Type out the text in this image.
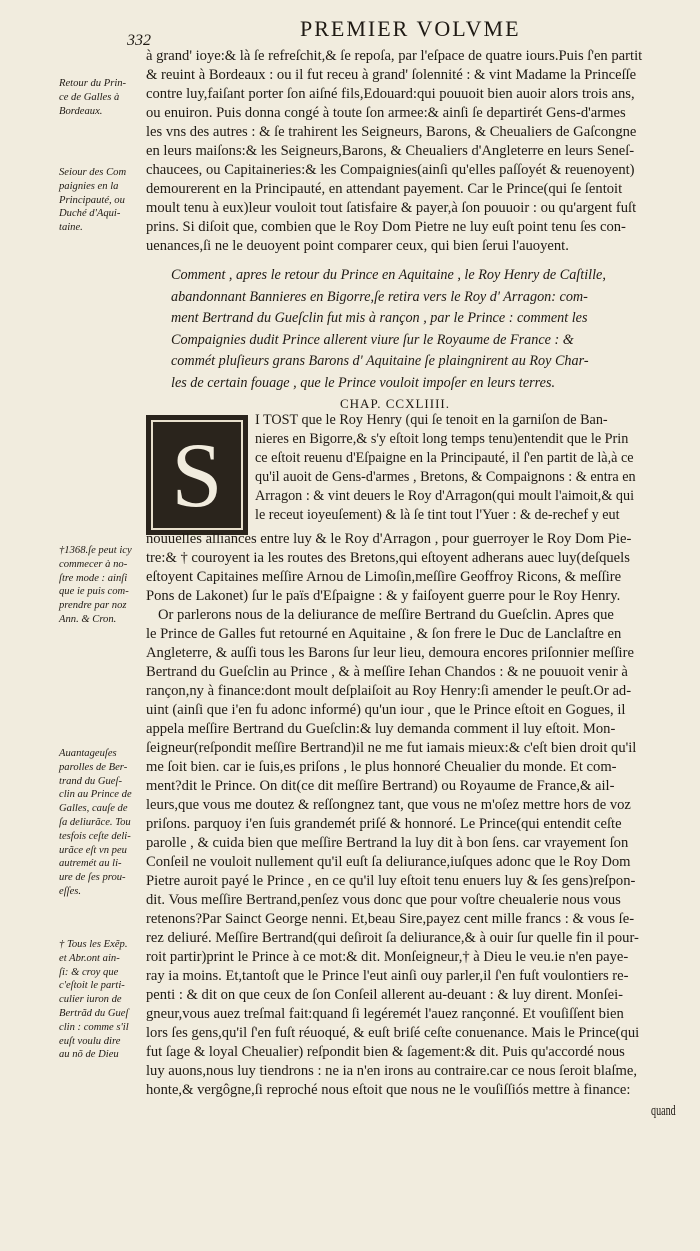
332	PREMIER VOLVME
à grand' ioye:& là ſe refreſchit,& ſe repoſa, par l'eſpace de quatre iours.Puis ſ'en partit
& reuint à Bordeaux : ou il fut receu à grand' ſolennité : & vint Madame la Princeſſe
contre luy,faiſant porter ſon aiſné fils,Edouard:qui pouuoit bien auoir alors trois ans,
ou enuiron. Puis donna congé à toute ſon armee:& ainſi ſe departirét Gens-d'armes
les vns des autres : & ſe trahirent les Seigneurs, Barons, & Cheualiers de Gaſcongne
en leurs maiſons:& les Seigneurs,Barons, & Cheualiers d'Angleterre en leurs Seneſ-
chaucees, ou Capitaineries:& les Compaignies(ainſi qu'elles paſſoyét & reuenoyent)
demourerent en la Principauté, en attendant payement. Car le Prince(qui ſe ſentoit
moult tenu à eux)leur vouloit tout ſatisfaire & payer,à ſon pouuoir : ou qu'argent fuſt
prins. Si diſoit que, combien que le Roy Dom Pietre ne luy euſt point tenu ſes con-
uenances,ſi ne le deuoyent point comparer ceux, qui bien ſerui l'auoyent.
Comment , apres le retour du Prince en Aquitaine , le Roy Henry de Caſtille,
abandonnant Bannieres en Bigorre,ſe retira vers le Roy d' Arragon: com-
ment Bertrand du Gueſclin fut mis à rançon , par le Prince : comment les
Compaignies dudit Prince allerent viure ſur le Royaume de France : &
commét pluſieurs grans Barons d' Aquitaine ſe plaingnirent au Roy Char-
les de certain fouage , que le Prince vouloit impoſer en leurs terres.
CHAP. CCXLIIII.
S
I TOST que le Roy Henry (qui ſe tenoit en la garniſon de Ban-
nieres en Bigorre,& s'y eſtoit long temps tenu)entendit que le Prin
ce eſtoit reuenu d'Eſpaigne en la Principauté, il ſ'en partit de là,à ce
qu'il auoit de Gens-d'armes , Bretons, & Compaignons : & entra en
Arragon : & vint deuers le Roy d'Arragon(qui moult l'aimoit,& qui
le receut ioyeuſement) & là ſe tint tout l'Yuer : & de-rechef y eut
nouuelles alliances entre luy & le Roy d'Arragon , pour guerroyer le Roy Dom Pie-
tre:& † couroyent ia les routes des Bretons,qui eſtoyent adherans auec luy(deſquels
eſtoyent Capitaines meſſire Arnou de Limoſin,meſſire Geoffroy Ricons, & meſſire
Pons de Lakonet) ſur le païs d'Eſpaigne : & y faiſoyent guerre pour le Roy Henry.
Or parlerons nous de la deliurance de meſſire Bertrand du Gueſclin. Apres que
le Prince de Galles fut retourné en Aquitaine , & ſon frere le Duc de Lanclaſtre en
Angleterre, & auſſi tous les Barons ſur leur lieu, demoura encores priſonnier meſſire
Bertrand du Gueſclin au Prince , & à meſſire Iehan Chandos : & ne pouuoit venir à
rançon,ny à finance:dont moult deſplaiſoit au Roy Henry:ſi amender le peuſt.Or ad-
uint (ainſi que i'en fu adonc informé) qu'un iour , que le Prince eſtoit en Gogues, il
appela meſſire Bertrand du Gueſclin:& luy demanda comment il luy eſtoit. Mon-
ſeigneur(reſpondit meſſire Bertrand)il ne me fut iamais mieux:& c'eſt bien droit qu'il
me ſoit bien. car ie ſuis,es priſons , le plus honnoré Cheualier du monde. Et com-
ment?dit le Prince. On dit(ce dit meſſire Bertrand) ou Royaume de France,& ail-
leurs,que vous me doutez & reſſongnez tant, que vous ne m'oſez mettre hors de voz
priſons. parquoy i'en ſuis grandemét priſé & honnoré. Le Prince(qui entendit ceſte
parolle , & cuida bien que meſſire Bertrand la luy dit à bon ſens. car vrayement ſon
Conſeil ne vouloit nullement qu'il euſt ſa deliurance,iuſques adonc que le Roy Dom
Pietre auroit payé le Prince , en ce qu'il luy eſtoit tenu enuers luy & ſes gens)reſpon-
dit. Vous meſſire Bertrand,penſez vous donc que pour voſtre cheualerie nous vous
retenons?Par Sainct George nenni. Et,beau Sire,payez cent mille francs : & vous ſe-
rez deliuré. Meſſire Bertrand(qui deſiroit ſa deliurance,& à ouir ſur quelle fin il pour-
roit partir)print le Prince à ce mot:& dit. Monſeigneur,† à Dieu le veu.ie n'en paye-
ray ia moins. Et,tantoſt que le Prince l'eut ainſi ouy parler,il ſ'en fuſt voulontiers re-
penti : & dit on que ceux de ſon Conſeil allerent au-deuant : & luy dirent. Monſei-
gneur,vous auez treſmal fait:quand ſi legéremét l'auez rançonné. Et vouſiſſent bien
lors ſes gens,qu'il ſ'en fuſt réuoqué, & euſt briſé ceſte conuenance. Mais le Prince(qui
fut ſage & loyal Cheualier) reſpondit bien & ſagement:& dit. Puis qu'accordé nous
luy auons,nous luy tiendrons : ne ia n'en irons au contraire.car ce nous ſeroit blaſme,
honte,& vergôgne,ſi reproché nous eſtoit que nous ne le vouſiſſiós mettre à finance:
quand
Retour du Prin-
ce de Galles à
Bordeaux.
Seiour des Com
paignies en la
Principauté, ou
Duché d'Aqui-
taine.
†1368.ſe peut icy
commecer à no-
ſtre mode : ainſi
que ie puis com-
prendre par noz
Ann. & Cron.
Auantageuſes
parolles de Ber-
trand du Gueſ-
clin au Prince de
Galles, cauſe de
ſa deliurãce. Tou
tesfois ceſte deli-
urãce eſt vn peu
autremét au li-
ure de ſes prou-
eſſes.
† Tous les Exẽp.
et Abr.ont ain-
ſi: & croy que
c'eſtoit le parti-
culier iuron de
Bertrãd du Gueſ
clin : comme s'il
euſt voulu dire
au nõ de Dieu
